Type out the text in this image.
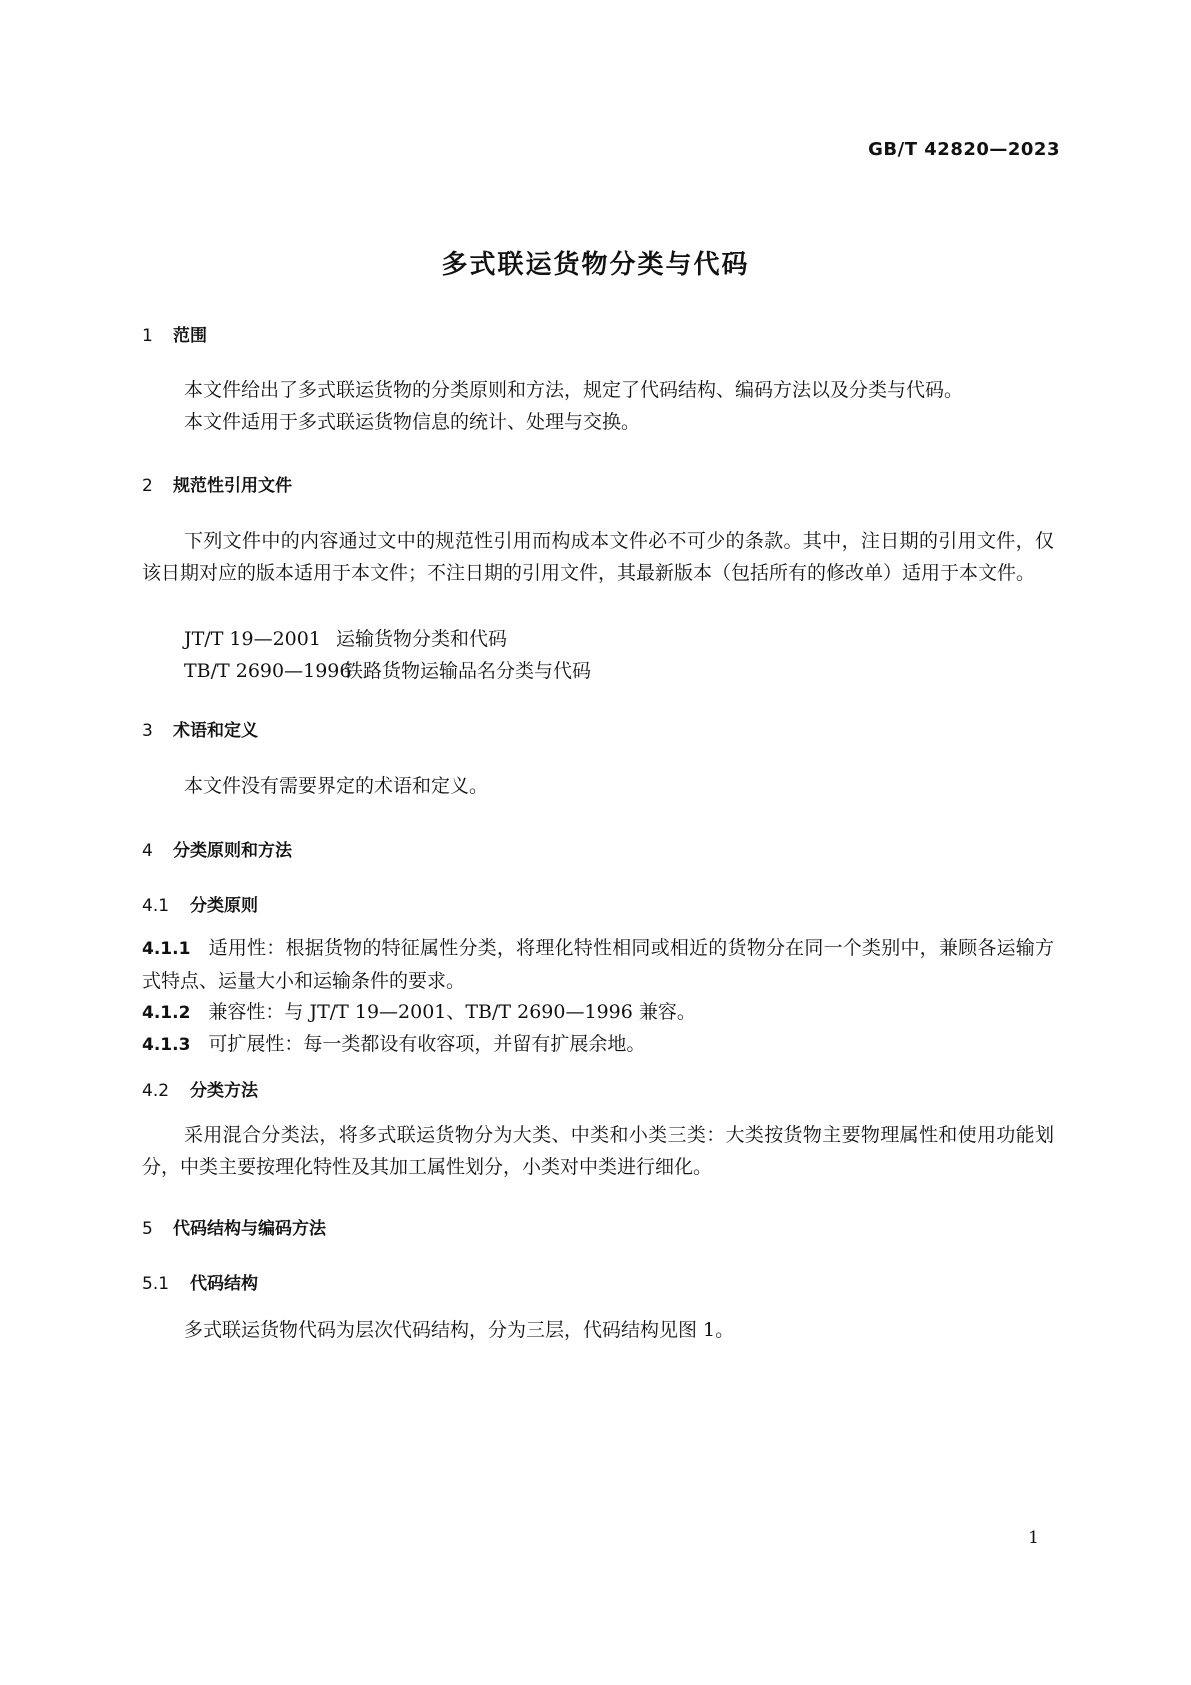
GB/T 42820—2023
多式联运货物分类与代码
1 范围
本文件给出了多式联运货物的分类原则和方法，规定了代码结构、编码方法以及分类与代码。
本文件适用于多式联运货物信息的统计、处理与交换。
2 规范性引用文件
下列文件中的内容通过文中的规范性引用而构成本文件必不可少的条款。其中，注日期的引用文件，仅该日期对应的版本适用于本文件；不注日期的引用文件，其最新版本（包括所有的修改单）适用于本文件。
JT/T 19—2001 运输货物分类和代码
TB/T 2690—1996铁路货物运输品名分类与代码
3 术语和定义
本文件没有需要界定的术语和定义。
4 分类原则和方法
4.1 分类原则
4.1.1 适用性：根据货物的特征属性分类，将理化特性相同或相近的货物分在同一个类别中，兼顾各运输方式特点、运量大小和运输条件的要求。
4.1.2 兼容性：与 JT/T 19—2001、TB/T 2690—1996 兼容。
4.1.3 可扩展性：每一类都设有收容项，并留有扩展余地。
4.2 分类方法
采用混合分类法，将多式联运货物分为大类、中类和小类三类：大类按货物主要物理属性和使用功能划分，中类主要按理化特性及其加工属性划分，小类对中类进行细化。
5 代码结构与编码方法
5.1 代码结构
多式联运货物代码为层次代码结构，分为三层，代码结构见图 1。
1
